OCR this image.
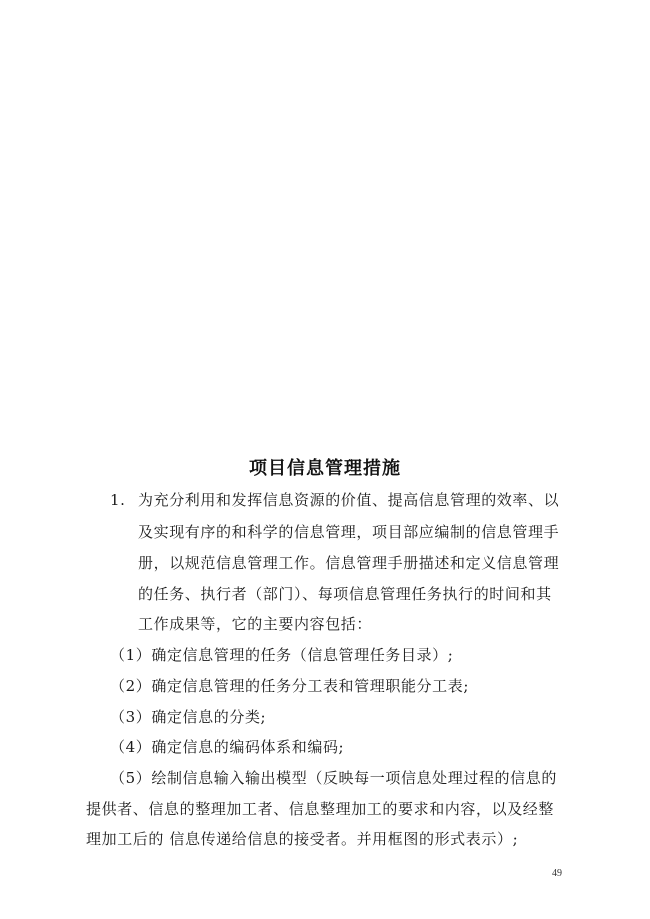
项目信息管理措施
1. 为充分利用和发挥信息资源的价值、提高信息管理的效率、以
及实现有序的和科学的信息管理，项目部应编制的信息管理手
册，以规范信息管理工作。信息管理手册描述和定义信息管理
的任务、执行者（部门）、每项信息管理任务执行的时间和其
工作成果等，它的主要内容包括：
（1）确定信息管理的任务（信息管理任务目录）;
（2）确定信息管理的任务分工表和管理职能分工表;
（3）确定信息的分类;
（4）确定信息的编码体系和编码;
（5）绘制信息输入输出模型（反映每一项信息处理过程的信息的
提供者、信息的整理加工者、信息整理加工的要求和内容，以及经整
理加工后的 信息传递给信息的接受者。并用框图的形式表示）;
49
